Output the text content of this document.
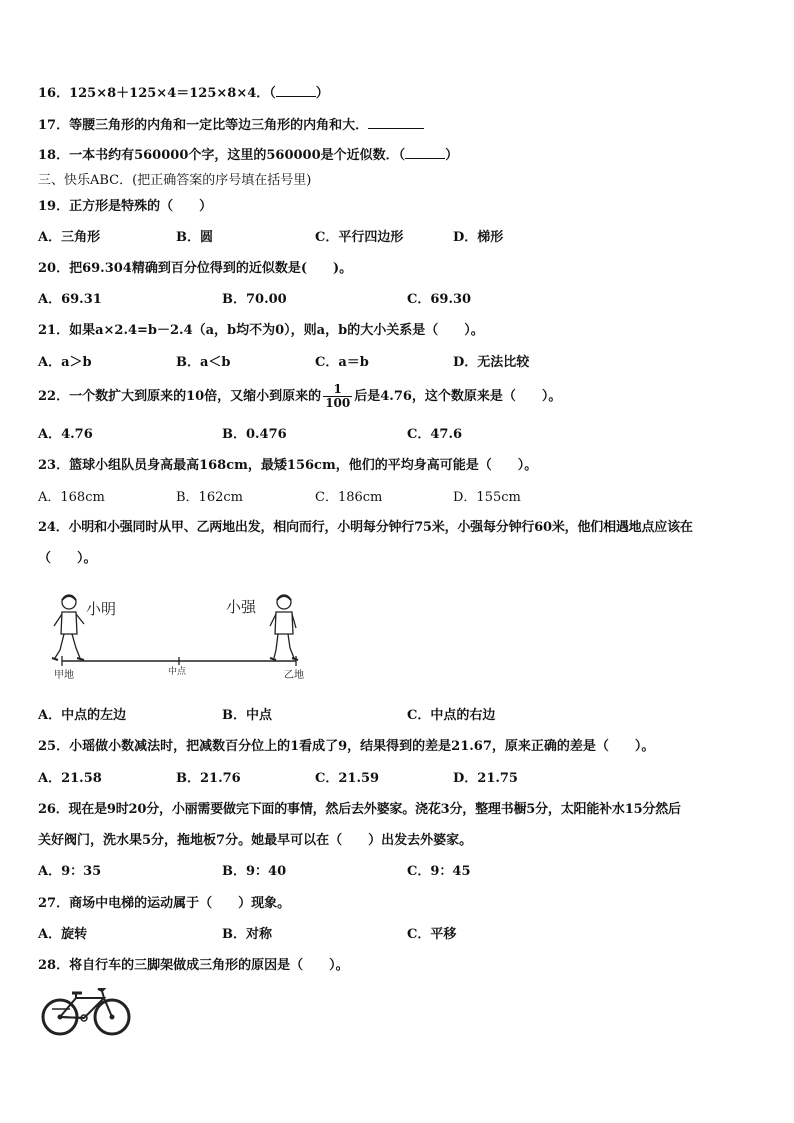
16．125×8＋125×4＝125×8×4．（	）
17．等腰三角形的内角和一定比等边三角形的内角和大．
18．一本书约有560000个字，这里的560000是个近似数．（	）
三、快乐ABC．(把正确答案的序号填在括号里)
19．正方形是特殊的（　　）
A．三角形	B．圆	C．平行四边形	D．梯形
20．把69.304精确到百分位得到的近似数是(　　)。
A．69.31	B．70.00	C．69.30
21．如果a×2.4=b－2.4（a，b均不为0），则a，b的大小关系是（　　）。
A．a＞b	B．a＜b	C．a＝b	D．无法比较
22．一个数扩大到原来的10倍，又缩小到原来的 $\frac{1}{100}$ 后是4.76，这个数原来是（　　）。
A．4.76	B．0.476	C．47.6
23．篮球小组队员身高最高168cm，最矮156cm，他们的平均身高可能是（　　）。
A．168cm	B．162cm	C．186cm	D．155cm
24．小明和小强同时从甲、乙两地出发，相向而行，小明每分钟行75米，小强每分钟行60米，他们相遇地点应该在
（　　）。
小明	小强
甲地	中点	乙地
A．中点的左边	B．中点	C．中点的右边
25．小瑶做小数减法时，把减数百分位上的1看成了9，结果得到的差是21.67，原来正确的差是（　　）。
A．21.58	B．21.76	C．21.59	D．21.75
26．现在是9时20分，小丽需要做完下面的事情，然后去外婆家。浇花3分，整理书橱5分，太阳能补水15分然后
关好阀门，洗水果5分，拖地板7分。她最早可以在（　　）出发去外婆家。
A．9：35	B．9：40	C．9：45
27．商场中电梯的运动属于（　　）现象。
A．旋转	B．对称	C．平移
28．将自行车的三脚架做成三角形的原因是（　　）。
